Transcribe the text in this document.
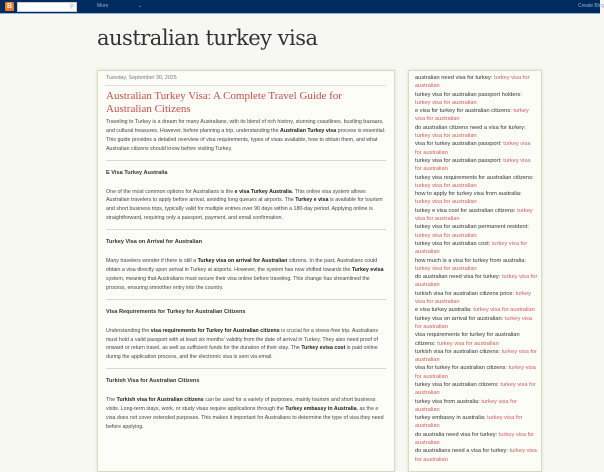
B	⚲	More	⌄	Create Blog
australian turkey visa
Tuesday, September 30, 2025
Australian Turkey Visa: A Complete Travel Guide for Australian Citizens

Traveling to Turkey is a dream for many Australians, with its blend of rich history, stunning coastlines, bustling bazaars, and cultural treasures. However, before planning a trip, understanding the Australian Turkey visa process is essential. This guide provides a detailed overview of visa requirements, types of visas available, how to obtain them, and what Australian citizens should know before visiting Turkey.

E Visa Turkey Australia

One of the most common options for Australians is the e visa Turkey Australia. This online visa system allows Australian travelers to apply before arrival, avoiding long queues at airports. The Turkey e visa is available for tourism and short business trips, typically valid for multiple entries over 90 days within a 180-day period. Applying online is straightforward, requiring only a passport, payment, and email confirmation.

Turkey Visa on Arrival for Australian

Many travelers wonder if there is still a Turkey visa on arrival for Australian citizens. In the past, Australians could obtain a visa directly upon arrival in Turkey at airports. However, the system has now shifted towards the Turkey evisa system, meaning that Australians must secure their visa online before traveling. This change has streamlined the process, ensuring smoother entry into the country.

Visa Requirements for Turkey for Australian Citizens

Understanding the visa requirements for Turkey for Australian citizens is crucial for a stress-free trip. Australians must hold a valid passport with at least six months' validity from the date of arrival in Turkey. They also need proof of onward or return travel, as well as sufficient funds for the duration of their stay. The Turkey evisa cost is paid online during the application process, and the electronic visa is sent via email.

Turkish Visa for Australian Citizens

The Turkish visa for Australian citizens can be used for a variety of purposes, mainly tourism and short business visits. Long-term stays, work, or study visas require applications through the Turkey embassy in Australia, as the e visa does not cover extended purposes. This makes it important for Australians to determine the type of visa they need before applying.

australian need visa for turkey: turkey visa for australian
turkey visa for australian passport holders: turkey visa for australian
e visa for turkey for australian citizens: turkey visa for australian
do australian citizens need a visa for turkey: turkey visa for australian
visa for turkey australian passport: turkey visa for australian
turkey visa for australian passport: turkey visa for australian
turkey visa requirements for australian citizens: turkey visa for australian
how to apply for turkey visa from australia: turkey visa for australian
turkey e visa cost for australian citizens: turkey visa for australian
turkey visa for australian permanent resident: turkey visa for australian
turkey visa for australian cost: turkey visa for australian
how much is a visa for turkey from australia: turkey visa for australian
do australian need visa for turkey: turkey visa for australian
turkish visa for australian citizens price: turkey visa for australian
e visa turkey australia: turkey visa for australian
turkey visa on arrival for australian: turkey visa for australian
visa requirements for turkey for australian citizens: turkey visa for australian
turkish visa for australian citizens: turkey visa for australian
visa for turkey for australian citizens: turkey visa for australian
turkey visa for australian citizens: turkey visa for australian
turkey visa from australia: turkey visa for australian
turkey embassy in australia: turkey visa for australian
do australia need visa for turkey: turkey visa for australian
do australians need a visa for turkey: turkey visa for australian
